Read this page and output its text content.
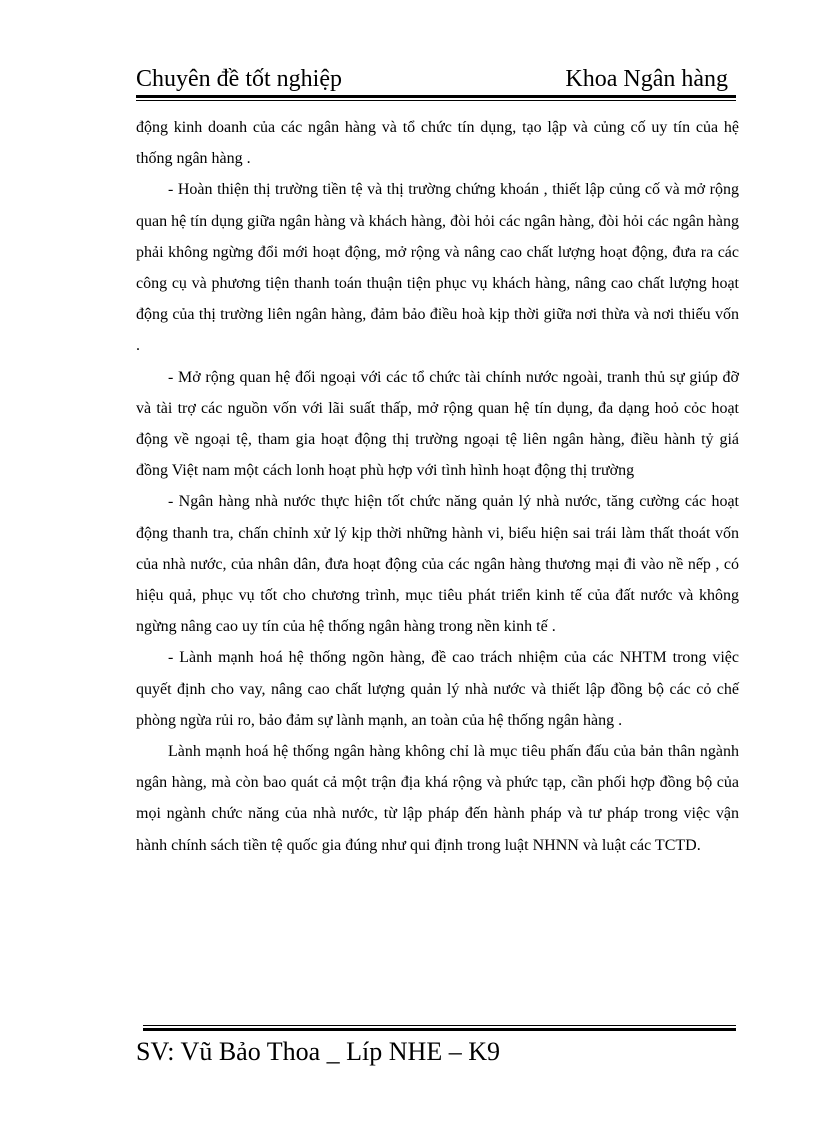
Chuyên đề tốt nghiệp	Khoa Ngân hàng

động kinh doanh của các ngân hàng và tổ chức tín dụng, tạo lập và củng cố uy tín của hệ thống ngân hàng .

- Hoàn thiện thị trường tiền tệ và thị trường chứng khoán , thiết lập củng cố và mở rộng quan hệ tín dụng giữa ngân hàng và khách hàng, đòi hỏi các ngân hàng, đòi hỏi các ngân hàng phải không ngừng đổi mới hoạt động, mở rộng và nâng cao chất lượng hoạt động, đưa ra các công cụ và phương tiện thanh toán thuận tiện phục vụ khách hàng, nâng cao chất lượng hoạt động của thị trường liên ngân hàng, đảm bảo điều hoà kịp thời giữa nơi thừa và nơi thiếu vốn .

- Mở rộng quan hệ đối ngoại với các tổ chức tài chính nước ngoài, tranh thủ sự giúp đỡ và tài trợ các nguồn vốn với lãi suất thấp, mở rộng quan hệ tín dụng, đa dạng hoỏ cỏc hoạt động về ngoại tệ, tham gia hoạt động thị trường ngoại tệ liên ngân hàng, điều hành tỷ giá đồng Việt nam một cách lonh hoạt phù hợp với tình hình hoạt động thị trường

- Ngân hàng nhà nước thực hiện tốt chức năng quản lý nhà nước, tăng cường các hoạt động thanh tra, chấn chỉnh xử lý kịp thời những hành vi, biểu hiện sai trái làm thất thoát vốn của nhà nước, của nhân dân, đưa hoạt động của các ngân hàng thương mại đi vào nề nếp , có hiệu quả, phục vụ tốt cho chương trình, mục tiêu phát triển kinh tế của đất nước và không ngừng nâng cao uy tín của hệ thống ngân hàng trong nền kinh tế .

- Lành mạnh hoá hệ thống ngõn hàng, đề cao trách nhiệm của các NHTM trong việc quyết định cho vay, nâng cao chất lượng quản lý nhà nước và thiết lập đồng bộ các cỏ chế phòng ngừa rủi ro, bảo đảm sự lành mạnh, an toàn của hệ thống ngân hàng .

Lành mạnh hoá hệ thống ngân hàng không chỉ là mục tiêu phấn đấu của bản thân ngành ngân hàng, mà còn bao quát cả một trận địa khá rộng và phức tạp, cần phối hợp đồng bộ của mọi ngành chức năng của nhà nước, từ lập pháp đến hành pháp và tư pháp trong việc vận hành chính sách tiền tệ quốc gia đúng như qui định trong luật NHNN và luật các TCTD.

SV: Vũ Bảo Thoa _ Líp NHE – K9
